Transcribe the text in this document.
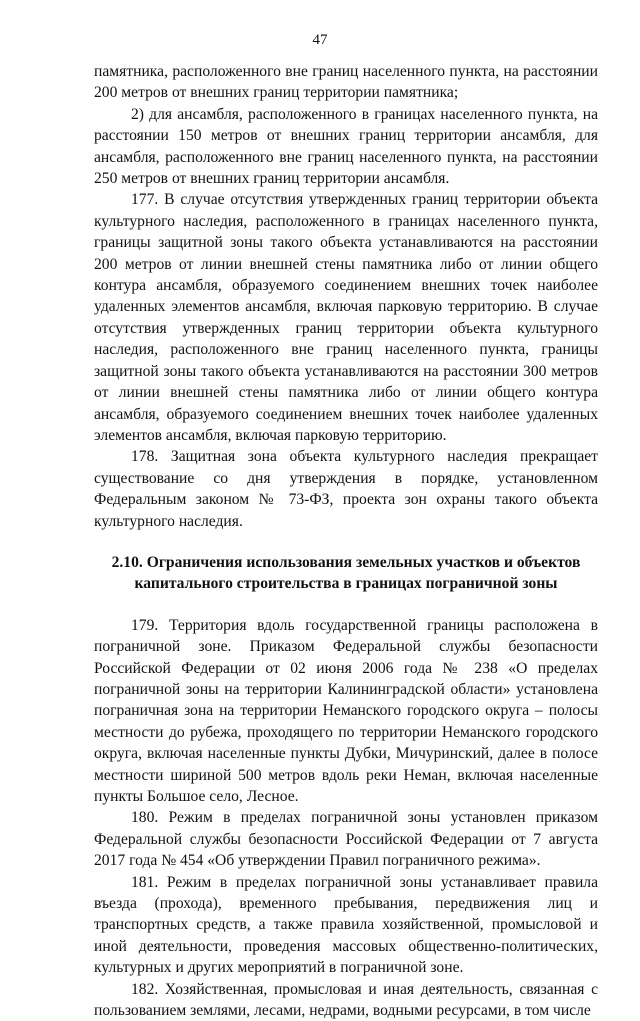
47

памятника, расположенного вне границ населенного пункта, на расстоянии 200 метров от внешних границ территории памятника;

2) для ансамбля, расположенного в границах населенного пункта, на расстоянии 150 метров от внешних границ территории ансамбля, для ансамбля, расположенного вне границ населенного пункта, на расстоянии 250 метров от внешних границ территории ансамбля.

177. В случае отсутствия утвержденных границ территории объекта культурного наследия, расположенного в границах населенного пункта, границы защитной зоны такого объекта устанавливаются на расстоянии 200 метров от линии внешней стены памятника либо от линии общего контура ансамбля, образуемого соединением внешних точек наиболее удаленных элементов ансамбля, включая парковую территорию. В случае отсутствия утвержденных границ территории объекта культурного наследия, расположенного вне границ населенного пункта, границы защитной зоны такого объекта устанавливаются на расстоянии 300 метров от линии внешней стены памятника либо от линии общего контура ансамбля, образуемого соединением внешних точек наиболее удаленных элементов ансамбля, включая парковую территорию.

178. Защитная зона объекта культурного наследия прекращает существование со дня утверждения в порядке, установленном Федеральным законом № 73-ФЗ, проекта зон охраны такого объекта культурного наследия.

2.10. Ограничения использования земельных участков и объектов капитального строительства в границах пограничной зоны

179. Территория вдоль государственной границы расположена в пограничной зоне. Приказом Федеральной службы безопасности Российской Федерации от 02 июня 2006 года № 238 «О пределах пограничной зоны на территории Калининградской области» установлена пограничная зона на территории Неманского городского округа – полосы местности до рубежа, проходящего по территории Неманского городского округа, включая населенные пункты Дубки, Мичуринский, далее в полосе местности шириной 500 метров вдоль реки Неман, включая населенные пункты Большое село, Лесное.

180. Режим в пределах пограничной зоны установлен приказом Федеральной службы безопасности Российской Федерации от 7 августа 2017 года № 454 «Об утверждении Правил пограничного режима».

181. Режим в пределах пограничной зоны устанавливает правила въезда (прохода), временного пребывания, передвижения лиц и транспортных средств, а также правила хозяйственной, промысловой и иной деятельности, проведения массовых общественно-политических, культурных и других мероприятий в пограничной зоне.

182. Хозяйственная, промысловая и иная деятельность, связанная с пользованием землями, лесами, недрами, водными ресурсами, в том числе
